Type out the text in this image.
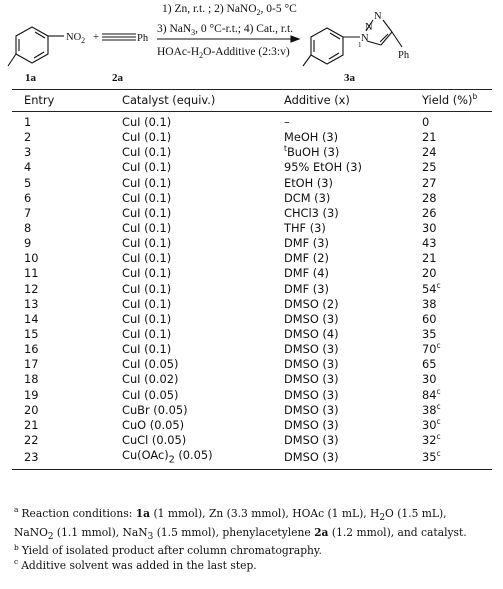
$NO_2$ +	Ph
1) Zn, r.t. ; 2) NaNO$_2$, 0-5 °C
3) NaN$_3$, 0 °C-r.t.; 4) Cat., r.t.
HOAc-$H_2O$-Additive (2:3:v)
N
1
N
N
Ph
1a	2a	3a
Entry	Catalyst (equiv.)	Additive (x)	Yield (%)$^b$
1	CuI (0.1)	–	0
2	CuI (0.1)	MeOH (3)	21
3	CuI (0.1)	$^t$BuOH (3)	24
4	CuI (0.1)	95% EtOH (3)	25
5	CuI (0.1)	EtOH (3)	27
6	CuI (0.1)	DCM (3)	28
7	CuI (0.1)	CHCl3 (3)	26
8	CuI (0.1)	THF (3)	30
9	CuI (0.1)	DMF (3)	43
10	CuI (0.1)	DMF (2)	21
11	CuI (0.1)	DMF (4)	20
12	CuI (0.1)	DMF (3)	54$^c$
13	CuI (0.1)	DMSO (2)	38
14	CuI (0.1)	DMSO (3)	60
15	CuI (0.1)	DMSO (4)	35
16	CuI (0.1)	DMSO (3)	70$^c$
17	CuI (0.05)	DMSO (3)	65
18	CuI (0.02)	DMSO (3)	30
19	CuI (0.05)	DMSO (3)	84$^c$
20	CuBr (0.05)	DMSO (3)	38$^c$
21	CuO (0.05)	DMSO (3)	30$^c$
22	CuCl (0.05)	DMSO (3)	32$^c$
23	$Cu(OAc)_2$ (0.05)	DMSO (3)	35$^c$

$^a$ Reaction conditions: 1a (1 mmol), Zn (3.3 mmol), HOAc (1 mL), $H_2O$ (1.5 mL),

NaNO$_2$ (1.1 mmol), NaN$_3$ (1.5 mmol), phenylacetylene 2a (1.2 mmol), and catalyst.

$^b$ Yield of isolated product after column chromatography.

$^c$ Additive solvent was added in the last step.
